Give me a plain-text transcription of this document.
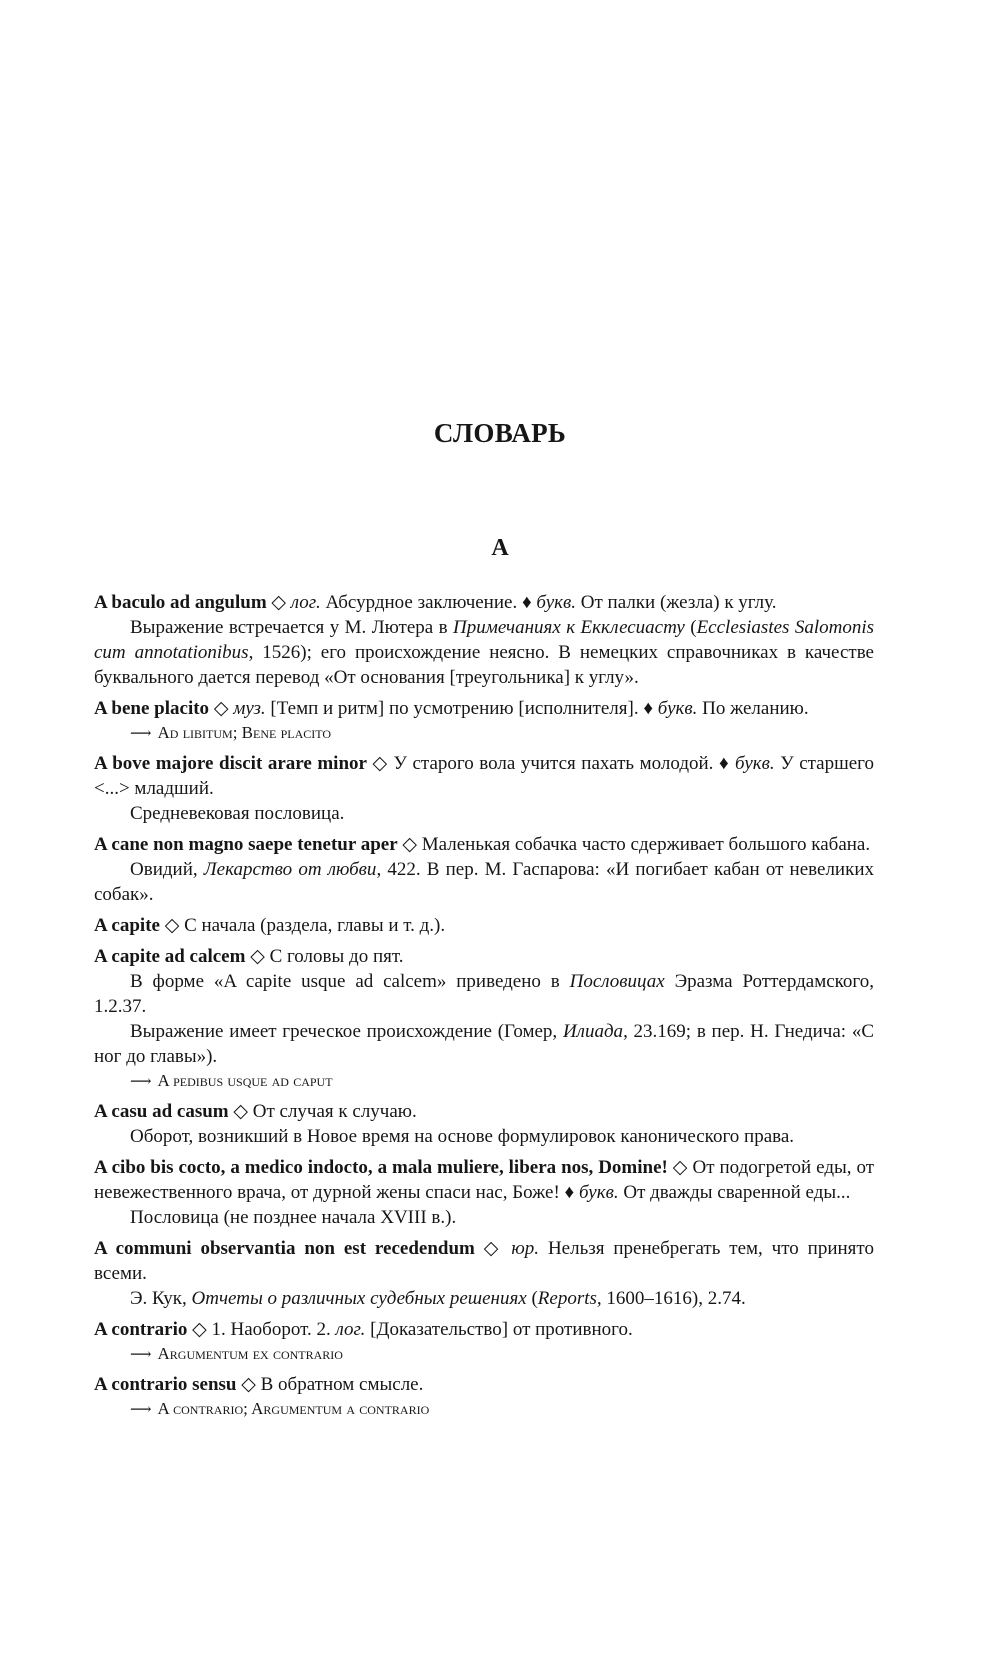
СЛОВАРЬ
А

A baculo ad angulum ◇ лог. Абсурдное заключение. ♦ букв. От палки (жезла) к углу.

Выражение встречается у М. Лютера в Примечаниях к Екклесиасту (Ecclesiastes Salomonis cum annotationibus, 1526); его происхождение неясно. В немецких справочниках в качестве буквального дается перевод «От основания [треугольника] к углу».

A bene placito ◇ муз. [Темп и ритм] по усмотрению [исполнителя]. ♦ букв. По желанию.

⟶ Ad libitum; Bene placito

A bove majore discit arare minor ◇ У старого вола учится пахать молодой. ♦ букв. У старшего <...> младший.

Средневековая пословица.

A cane non magno saepe tenetur aper ◇ Маленькая собачка часто сдерживает большого кабана.

Овидий, Лекарство от любви, 422. В пер. М. Гаспарова: «И погибает кабан от невеликих собак».

A capite ◇ С начала (раздела, главы и т. д.).

A capite ad calcem ◇ С головы до пят.

В форме «A capite usque ad calcem» приведено в Пословицах Эразма Роттердамского, 1.2.37.

Выражение имеет греческое происхождение (Гомер, Илиада, 23.169; в пер. Н. Гнедича: «С ног до главы»).

⟶ A pedibus usque ad caput

A casu ad casum ◇ От случая к случаю.

Оборот, возникший в Новое время на основе формулировок канонического права.

A cibo bis cocto, a medico indocto, a mala muliere, libera nos, Domine! ◇ От подогретой еды, от невежественного врача, от дурной жены спаси нас, Боже! ♦ букв. От дважды сваренной еды...

Пословица (не позднее начала XVIII в.).

A communi observantia non est recedendum ◇ юр. Нельзя пренебрегать тем, что принято всеми.

Э. Кук, Отчеты о различных судебных решениях (Reports, 1600–1616), 2.74.

A contrario ◇ 1. Наоборот. 2. лог. [Доказательство] от противного.

⟶ Argumentum ex contrario

A contrario sensu ◇ В обратном смысле.

⟶ A contrario; Argumentum a contrario
